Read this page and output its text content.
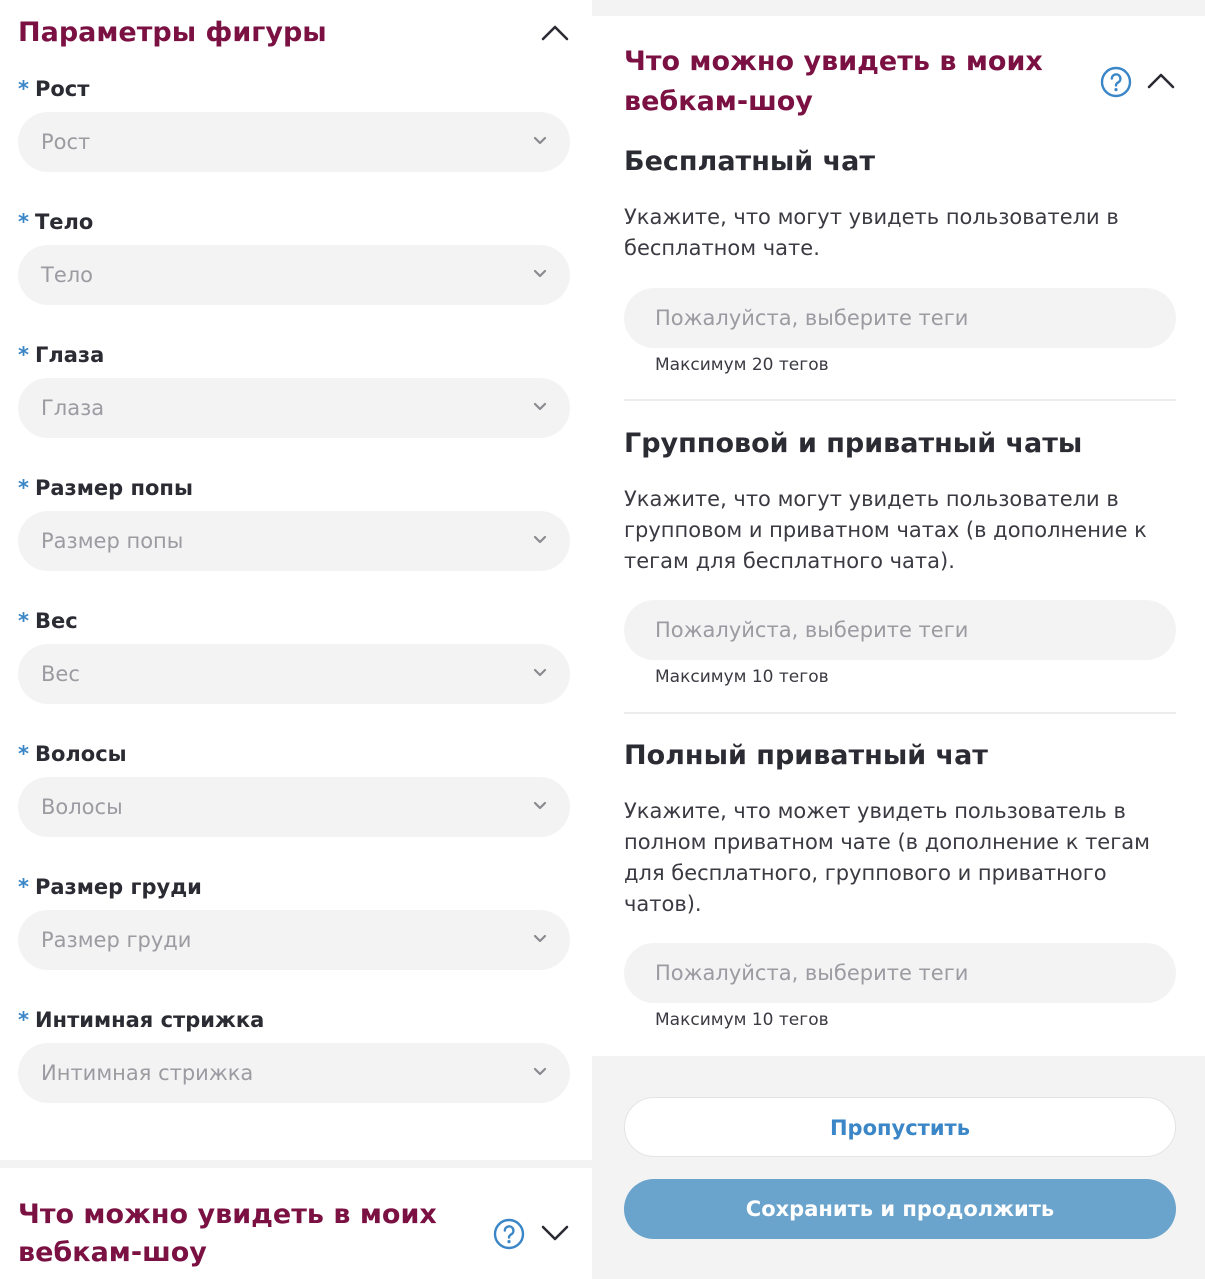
Параметры фигуры
* Рост
Рост
* Тело
Тело
* Глаза
Глаза
* Размер попы
Размер попы
* Вес
Вес
* Волосы
Волосы
* Размер груди
Размер груди
* Интимная стрижка
Интимная стрижка
Что можно увидеть в моих вебкам-шоу
Что можно увидеть в моих вебкам-шоу
Бесплатный чат

Укажите, что могут увидеть пользователи в бесплатном чате.

Пожалуйста, выберите теги
Максимум 20 тегов
Групповой и приватный чаты

Укажите, что могут увидеть пользователи в групповом и приватном чатах (в дополнение к тегам для бесплатного чата).

Пожалуйста, выберите теги
Максимум 10 тегов
Полный приватный чат

Укажите, что может увидеть пользователь в полном приватном чате (в дополнение к тегам для бесплатного, группового и приватного чатов).

Пожалуйста, выберите теги
Максимум 10 тегов
Пропустить
Сохранить и продолжить
